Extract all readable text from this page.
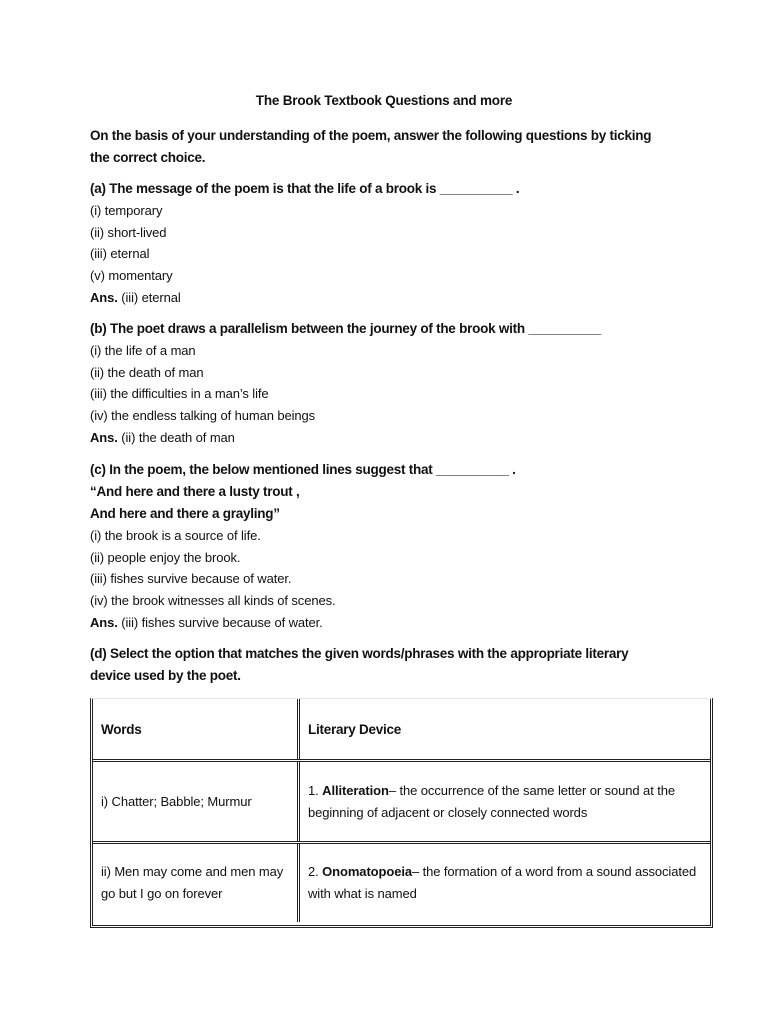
The Brook Textbook Questions and more
On the basis of your understanding of the poem, answer the following questions by ticking the correct choice.
(a) The message of the poem is that the life of a brook is __________ .
(i) temporary
(ii) short-lived
(iii) eternal
(v) momentary
Ans. (iii) eternal
(b) The poet draws a parallelism between the journey of the brook with __________
(i) the life of a man
(ii) the death of man
(iii) the difficulties in a man’s life
(iv) the endless talking of human beings
Ans. (ii) the death of man
(c) In the poem, the below mentioned lines suggest that __________ .
“And here and there a lusty trout ,
And here and there a grayling”
(i) the brook is a source of life.
(ii) people enjoy the brook.
(iii) fishes survive because of water.
(iv) the brook witnesses all kinds of scenes.
Ans. (iii) fishes survive because of water.
(d) Select the option that matches the given words/phrases with the appropriate literary device used by the poet.
Words	Literary Device
i) Chatter; Babble; Murmur
1. Alliteration– the occurrence of the same letter or sound at the beginning of adjacent or closely connected words
ii) Men may come and men may go but I go on forever
2. Onomatopoeia– the formation of a word from a sound associated with what is named
